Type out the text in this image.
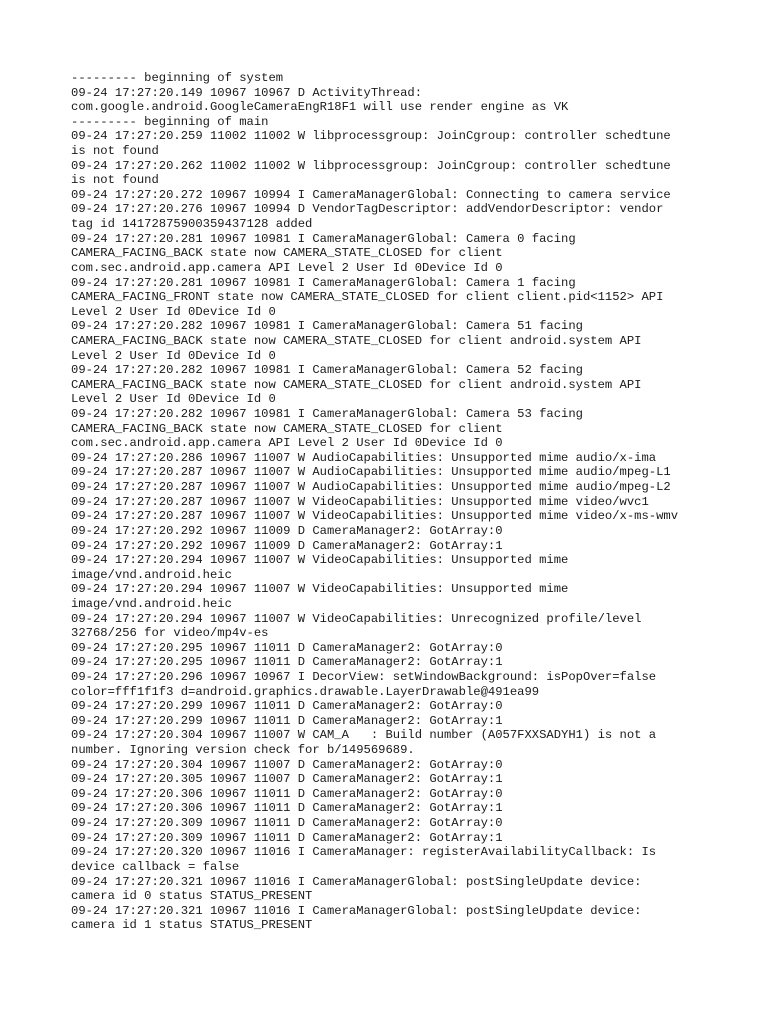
--------- beginning of system
09-24 17:27:20.149 10967 10967 D ActivityThread:
com.google.android.GoogleCameraEngR18F1 will use render engine as VK
--------- beginning of main
09-24 17:27:20.259 11002 11002 W libprocessgroup: JoinCgroup: controller schedtune
is not found
09-24 17:27:20.262 11002 11002 W libprocessgroup: JoinCgroup: controller schedtune
is not found
09-24 17:27:20.272 10967 10994 I CameraManagerGlobal: Connecting to camera service
09-24 17:27:20.276 10967 10994 D VendorTagDescriptor: addVendorDescriptor: vendor
tag id 14172875900359437128 added
09-24 17:27:20.281 10967 10981 I CameraManagerGlobal: Camera 0 facing
CAMERA_FACING_BACK state now CAMERA_STATE_CLOSED for client
com.sec.android.app.camera API Level 2 User Id 0Device Id 0
09-24 17:27:20.281 10967 10981 I CameraManagerGlobal: Camera 1 facing
CAMERA_FACING_FRONT state now CAMERA_STATE_CLOSED for client client.pid<1152> API
Level 2 User Id 0Device Id 0
09-24 17:27:20.282 10967 10981 I CameraManagerGlobal: Camera 51 facing
CAMERA_FACING_BACK state now CAMERA_STATE_CLOSED for client android.system API
Level 2 User Id 0Device Id 0
09-24 17:27:20.282 10967 10981 I CameraManagerGlobal: Camera 52 facing
CAMERA_FACING_BACK state now CAMERA_STATE_CLOSED for client android.system API
Level 2 User Id 0Device Id 0
09-24 17:27:20.282 10967 10981 I CameraManagerGlobal: Camera 53 facing
CAMERA_FACING_BACK state now CAMERA_STATE_CLOSED for client
com.sec.android.app.camera API Level 2 User Id 0Device Id 0
09-24 17:27:20.286 10967 11007 W AudioCapabilities: Unsupported mime audio/x-ima
09-24 17:27:20.287 10967 11007 W AudioCapabilities: Unsupported mime audio/mpeg-L1
09-24 17:27:20.287 10967 11007 W AudioCapabilities: Unsupported mime audio/mpeg-L2
09-24 17:27:20.287 10967 11007 W VideoCapabilities: Unsupported mime video/wvc1
09-24 17:27:20.287 10967 11007 W VideoCapabilities: Unsupported mime video/x-ms-wmv
09-24 17:27:20.292 10967 11009 D CameraManager2: GotArray:0
09-24 17:27:20.292 10967 11009 D CameraManager2: GotArray:1
09-24 17:27:20.294 10967 11007 W VideoCapabilities: Unsupported mime
image/vnd.android.heic
09-24 17:27:20.294 10967 11007 W VideoCapabilities: Unsupported mime
image/vnd.android.heic
09-24 17:27:20.294 10967 11007 W VideoCapabilities: Unrecognized profile/level
32768/256 for video/mp4v-es
09-24 17:27:20.295 10967 11011 D CameraManager2: GotArray:0
09-24 17:27:20.295 10967 11011 D CameraManager2: GotArray:1
09-24 17:27:20.296 10967 10967 I DecorView: setWindowBackground: isPopOver=false
color=fff1f1f3 d=android.graphics.drawable.LayerDrawable@491ea99
09-24 17:27:20.299 10967 11011 D CameraManager2: GotArray:0
09-24 17:27:20.299 10967 11011 D CameraManager2: GotArray:1
09-24 17:27:20.304 10967 11007 W CAM_A   : Build number (A057FXXSADYH1) is not a
number. Ignoring version check for b/149569689.
09-24 17:27:20.304 10967 11007 D CameraManager2: GotArray:0
09-24 17:27:20.305 10967 11007 D CameraManager2: GotArray:1
09-24 17:27:20.306 10967 11011 D CameraManager2: GotArray:0
09-24 17:27:20.306 10967 11011 D CameraManager2: GotArray:1
09-24 17:27:20.309 10967 11011 D CameraManager2: GotArray:0
09-24 17:27:20.309 10967 11011 D CameraManager2: GotArray:1
09-24 17:27:20.320 10967 11016 I CameraManager: registerAvailabilityCallback: Is
device callback = false
09-24 17:27:20.321 10967 11016 I CameraManagerGlobal: postSingleUpdate device:
camera id 0 status STATUS_PRESENT
09-24 17:27:20.321 10967 11016 I CameraManagerGlobal: postSingleUpdate device:
camera id 1 status STATUS_PRESENT
